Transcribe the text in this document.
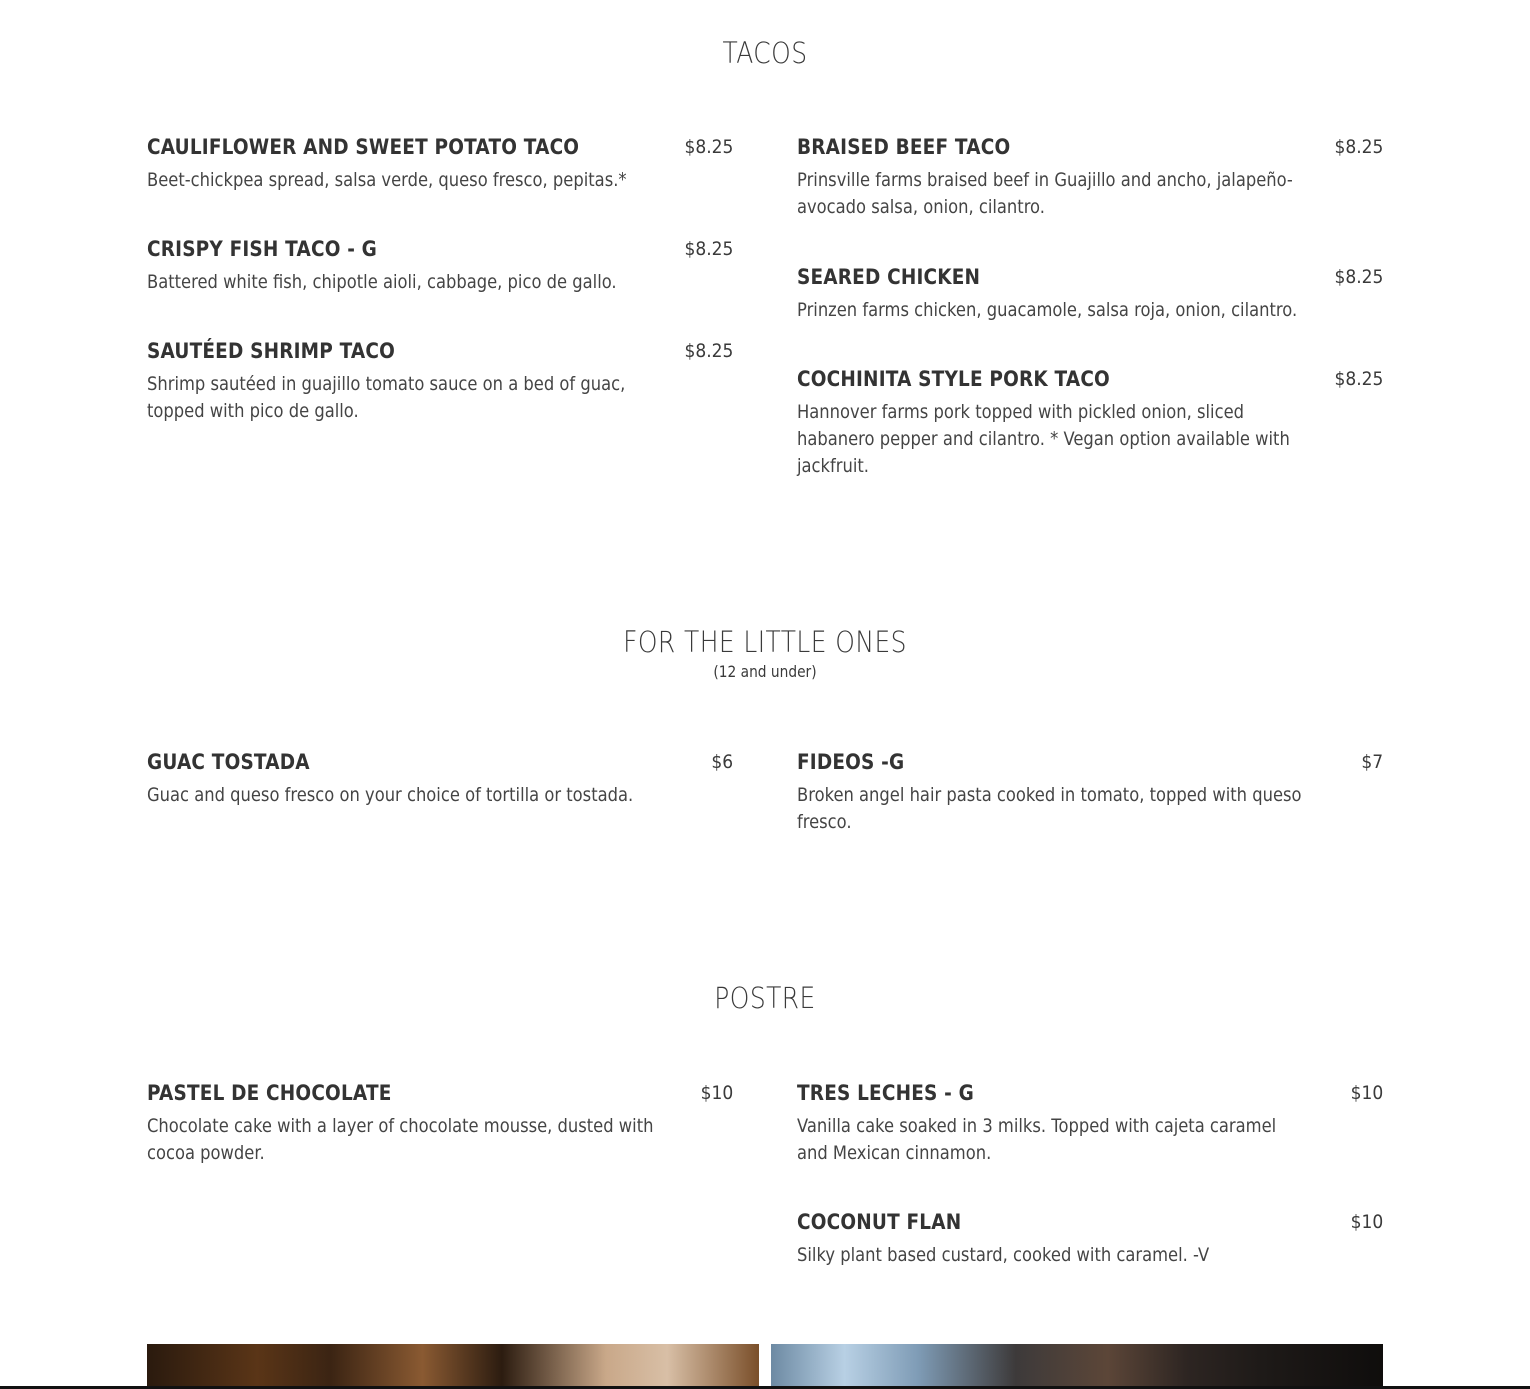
TACOS
CAULIFLOWER AND SWEET POTATO TACO	$8.25
Beet-chickpea spread, salsa verde, queso fresco, pepitas.*
CRISPY FISH TACO - G	$8.25
Battered white fish, chipotle aioli, cabbage, pico de gallo.
SAUTÉED SHRIMP TACO	$8.25
Shrimp sautéed in guajillo tomato sauce on a bed of guac, topped with pico de gallo.
BRAISED BEEF TACO	$8.25
Prinsville farms braised beef in Guajillo and ancho, jalapeño-avocado salsa, onion, cilantro.
SEARED CHICKEN	$8.25
Prinzen farms chicken, guacamole, salsa roja, onion, cilantro.
COCHINITA STYLE PORK TACO	$8.25
Hannover farms pork topped with pickled onion, sliced habanero pepper and cilantro. * Vegan option available with jackfruit.
FOR THE LITTLE ONES
(12 and under)
GUAC TOSTADA	$6
Guac and queso fresco on your choice of tortilla or tostada.
FIDEOS -G	$7
Broken angel hair pasta cooked in tomato, topped with queso fresco.
POSTRE
PASTEL DE CHOCOLATE	$10
Chocolate cake with a layer of chocolate mousse, dusted with cocoa powder.
TRES LECHES - G	$10
Vanilla cake soaked in 3 milks. Topped with cajeta caramel and Mexican cinnamon.
COCONUT FLAN	$10
Silky plant based custard, cooked with caramel. -V
